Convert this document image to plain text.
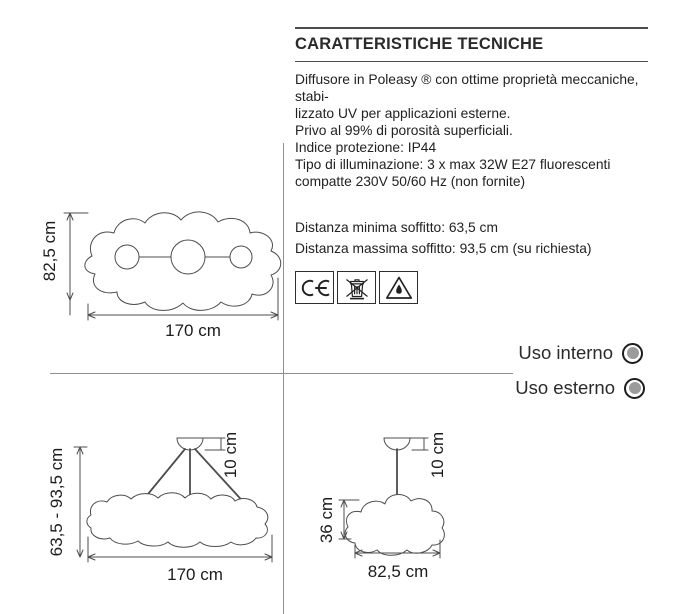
CARATTERISTICHE TECNICHE
Diffusore in Poleasy ® con ottime proprietà meccaniche, stabi-
lizzato UV per applicazioni esterne.
Privo al 99% di porosità superficiali.
Indice protezione: IP44
Tipo di illuminazione: 3 x max 32W E27 fluorescenti
compatte 230V 50/60 Hz (non fornite)
Distanza minima soffitto: 63,5 cm
Distanza massima soffitto: 93,5 cm (su richiesta)
Uso interno
Uso esterno
82,5 cm
170 cm
63,5 - 93,5 cm	10 cm
170 cm
36 cm
10 cm
82,5 cm
